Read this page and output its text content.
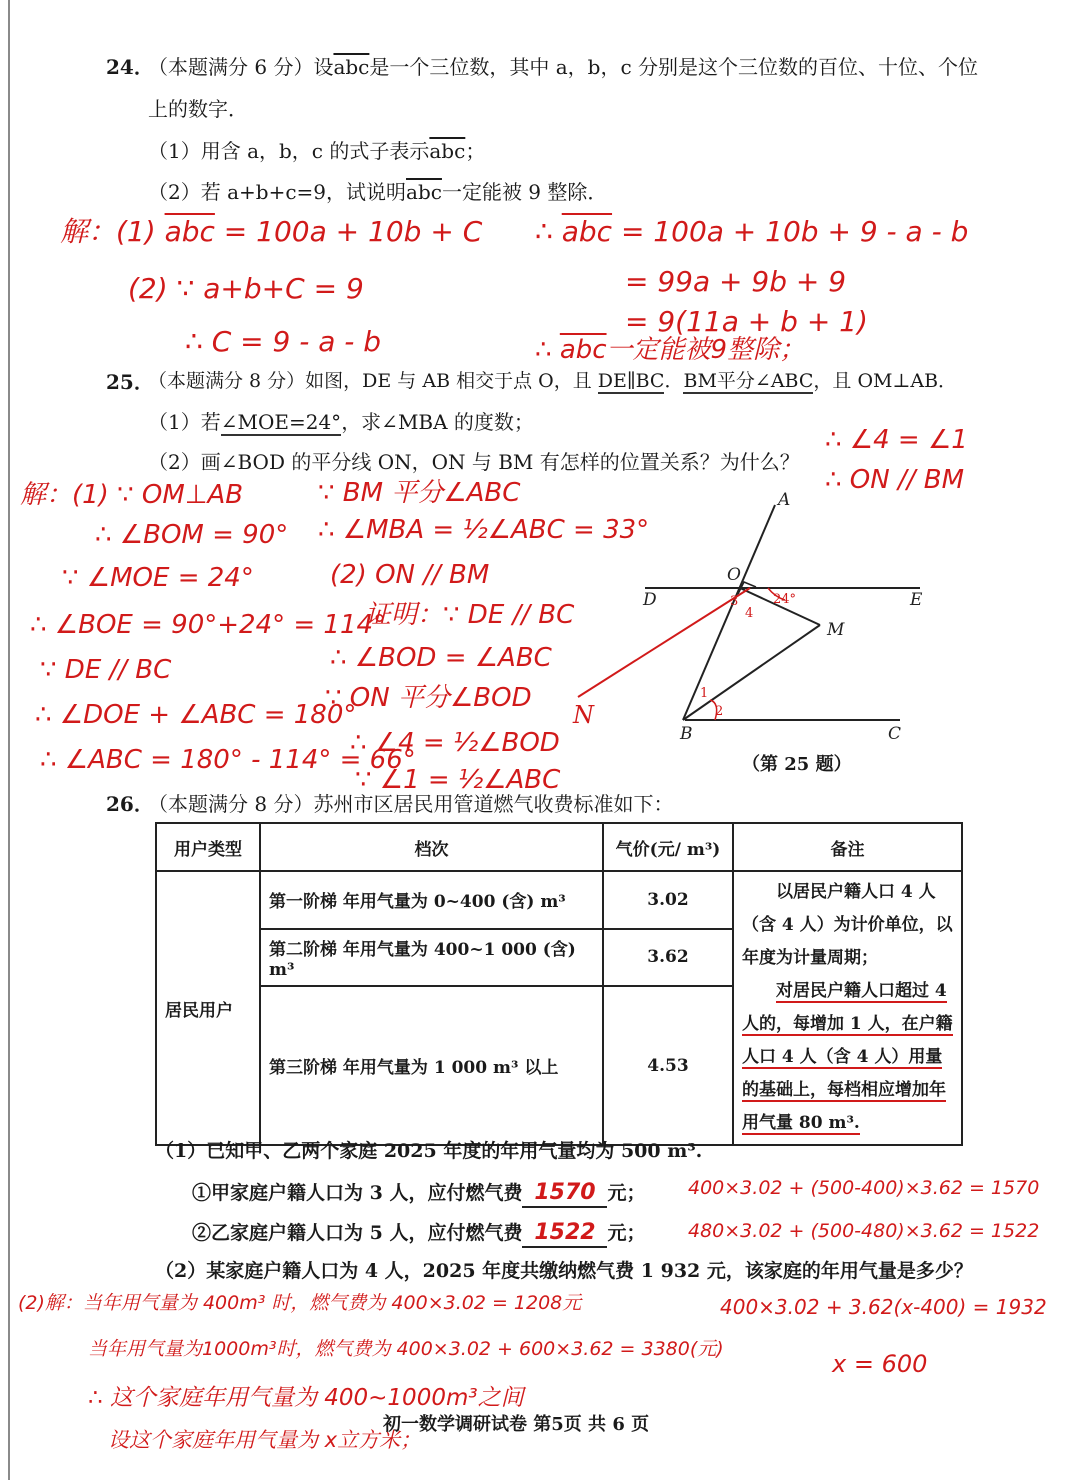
24．
（本题满分 6 分）设$\overline{abc}$是一个三位数，其中 a，b，c 分别是这个三位数的百位、十位、个位
上的数字．
（1）用含 a，b，c 的式子表示$\overline{abc}$；
（2）若 a+b+c=9，试说明$\overline{abc}$一定能被 9 整除．
解：(1) $\overline{abc} = 100a + 10b + C$
(2) ∵ a+b+C = 9
∴ C = 9 - a - b
∴ $\overline{abc} = 100a + 10b + 9 - a - b$
= 99a + 9b + 9
= 9(11a + b + 1)
∴ $\overline{abc}$一定能被9整除；
25．
（本题满分 8 分）如图，DE 与 AB 相交于点 O，且 DE∥BC．BM平分∠ABC，且 OM⊥AB．
（1）若∠MOE=24°，求∠MBA 的度数；
（2）画∠BOD 的平分线 ON，ON 与 BM 有怎样的位置关系？为什么？
∴ ∠4 = ∠1
∴ ON // BM
解：(1) ∵ OM⊥AB
∴ ∠BOM = 90°
∵ ∠MOE = 24°
∴ ∠BOE = 90°+24° = 114°
∵ DE // BC
∴ ∠DOE + ∠ABC = 180°
∴ ∠ABC = 180° - 114° = 66°
∵ BM 平分∠ABC
∴ ∠MBA = ½∠ABC = 33°
(2) ON // BM
证明：∵ DE // BC
∴ ∠BOD = ∠ABC
∵ ON 平分∠BOD
∴ ∠4 = ½∠BOD
∵ ∠1 = ½∠ABC
A
O
D	E
M
B	C
N
3
4
24°
1
2
（第 25 题）
26．
（本题满分 8 分）苏州市区居民用管道燃气收费标准如下：
用户类型	档次	气价(元/ m³)	备注
居民用户	第一阶梯 年用气量为 0~400 (含) m³	3.02	以居民户籍人口 4 人（含 4 人）为计价单位，以年度为计量周期；
对居民户籍人口超过 4 人的，每增加 1 人，在户籍人口 4 人（含 4 人）用量的基础上，每档相应增加年用气量 80 m³.

	第二阶梯 年用气量为 400~1 000 (含) m³	3.62	
	第三阶梯 年用气量为 1 000 m³ 以上	4.53	
（1）已知甲、乙两个家庭 2025 年度的年用气量均为 500 m³.
①甲家庭户籍人口为 3 人，应付燃气费 1570 元；
②乙家庭户籍人口为 5 人，应付燃气费 1522 元；
400×3.02 + (500-400)×3.62 = 1570
480×3.02 + (500-480)×3.62 = 1522
（2）某家庭户籍人口为 4 人，2025 年度共缴纳燃气费 1 932 元，该家庭的年用气量是多少？
(2)解：当年用气量为 400m³ 时，燃气费为 400×3.02 = 1208元
当年用气量为1000m³时，燃气费为 400×3.02 + 600×3.62 = 3380(元)
∴ 这个家庭年用气量为 400~1000m³之间
设这个家庭年用气量为 x立方米；
400×3.02 + 3.62(x-400) = 1932
x = 600
初一数学调研试卷 第5页 共 6 页
